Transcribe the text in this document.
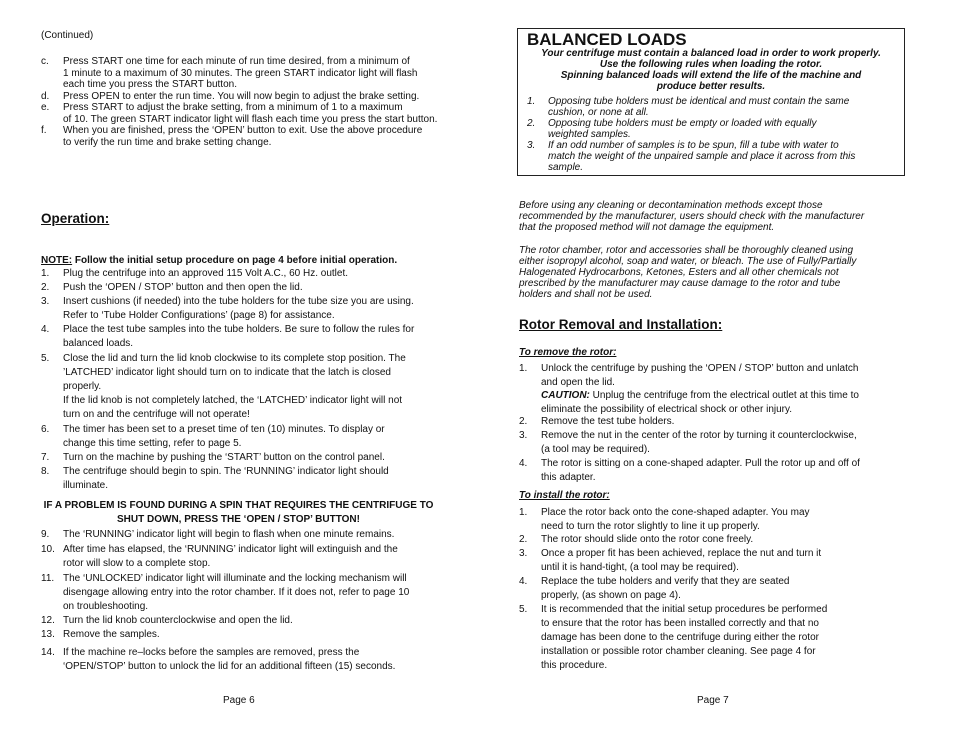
(Continued)
c. Press START one time for each minute of run time desired, from a minimum of
1 minute to a maximum of 30 minutes. The green START indicator light will flash
each time you press the START button.
d. Press OPEN to enter the run time. You will now begin to adjust the brake setting.
e. Press START to adjust the brake setting, from a minimum of 1 to a maximum
of 10. The green START indicator light will flash each time you press the start button.
f. When you are finished, press the ‘OPEN’ button to exit. Use the above procedure
to verify the run time and brake setting change.
Operation:
NOTE: Follow the initial setup procedure on page 4 before initial operation.
1. Plug the centrifuge into an approved 115 Volt A.C., 60 Hz. outlet.
2. Push the ‘OPEN / STOP’ button and then open the lid.
3. Insert cushions (if needed) into the tube holders for the tube size you are using.
Refer to ‘Tube Holder Configurations’ (page 8) for assistance.
4. Place the test tube samples into the tube holders. Be sure to follow the rules for
balanced loads.
5. Close the lid and turn the lid knob clockwise to its complete stop position. The
’LATCHED’ indicator light should turn on to indicate that the latch is closed
properly.
If the lid knob is not completely latched, the ‘LATCHED’ indicator light will not
turn on and the centrifuge will not operate!
6. The timer has been set to a preset time of ten (10) minutes. To display or
change this time setting, refer to page 5.
7. Turn on the machine by pushing the ‘START’ button on the control panel.
8. The centrifuge should begin to spin. The ‘RUNNING’ indicator light should
illuminate.
IF A PROBLEM IS FOUND DURING A SPIN THAT REQUIRES THE CENTRIFUGE TO
SHUT DOWN, PRESS THE ‘OPEN / STOP’ BUTTON!
9. The ‘RUNNING’ indicator light will begin to flash when one minute remains.
10. After time has elapsed, the ‘RUNNING’ indicator light will extinguish and the
rotor will slow to a complete stop.
11. The ‘UNLOCKED’ indicator light will illuminate and the locking mechanism will
disengage allowing entry into the rotor chamber. If it does not, refer to page 10
on troubleshooting.
12. Turn the lid knob counterclockwise and open the lid.
13. Remove the samples.
14. If the machine re–locks before the samples are removed, press the
‘OPEN/STOP’ button to unlock the lid for an additional fifteen (15) seconds.
Page 6
BALANCED LOADS
Your centrifuge must contain a balanced load in order to work properly.
Use the following rules when loading the rotor.
Spinning balanced loads will extend the life of the machine and
produce better results.
1. Opposing tube holders must be identical and must contain the same
cushion, or none at all.
2. Opposing tube holders must be empty or loaded with equally
weighted samples.
3. If an odd number of samples is to be spun, fill a tube with water to
match the weight of the unpaired sample and place it across from this
sample.
Before using any cleaning or decontamination methods except those
recommended by the manufacturer, users should check with the manufacturer
that the proposed method will not damage the equipment.
The rotor chamber, rotor and accessories shall be thoroughly cleaned using
either isopropyl alcohol, soap and water, or bleach. The use of Fully/Partially
Halogenated Hydrocarbons, Ketones, Esters and all other chemicals not
prescribed by the manufacturer may cause damage to the rotor and tube
holders and shall not be used.
Rotor Removal and Installation:
To remove the rotor:
1. Unlock the centrifuge by pushing the ‘OPEN / STOP’ button and unlatch
and open the lid.
CAUTION: Unplug the centrifuge from the electrical outlet at this time to
eliminate the possibility of electrical shock or other injury.
2. Remove the test tube holders.
3. Remove the nut in the center of the rotor by turning it counterclockwise,
(a tool may be required).
4. The rotor is sitting on a cone-shaped adapter. Pull the rotor up and off of
this adapter.
To install the rotor:
1. Place the rotor back onto the cone-shaped adapter. You may
need to turn the rotor slightly to line it up properly.
2. The rotor should slide onto the rotor cone freely.
3. Once a proper fit has been achieved, replace the nut and turn it
until it is hand-tight, (a tool may be required).
4. Replace the tube holders and verify that they are seated
properly, (as shown on page 4).
5. It is recommended that the initial setup procedures be performed
to ensure that the rotor has been installed correctly and that no
damage has been done to the centrifuge during either the rotor
installation or possible rotor chamber cleaning. See page 4 for
this procedure.
Page 7
